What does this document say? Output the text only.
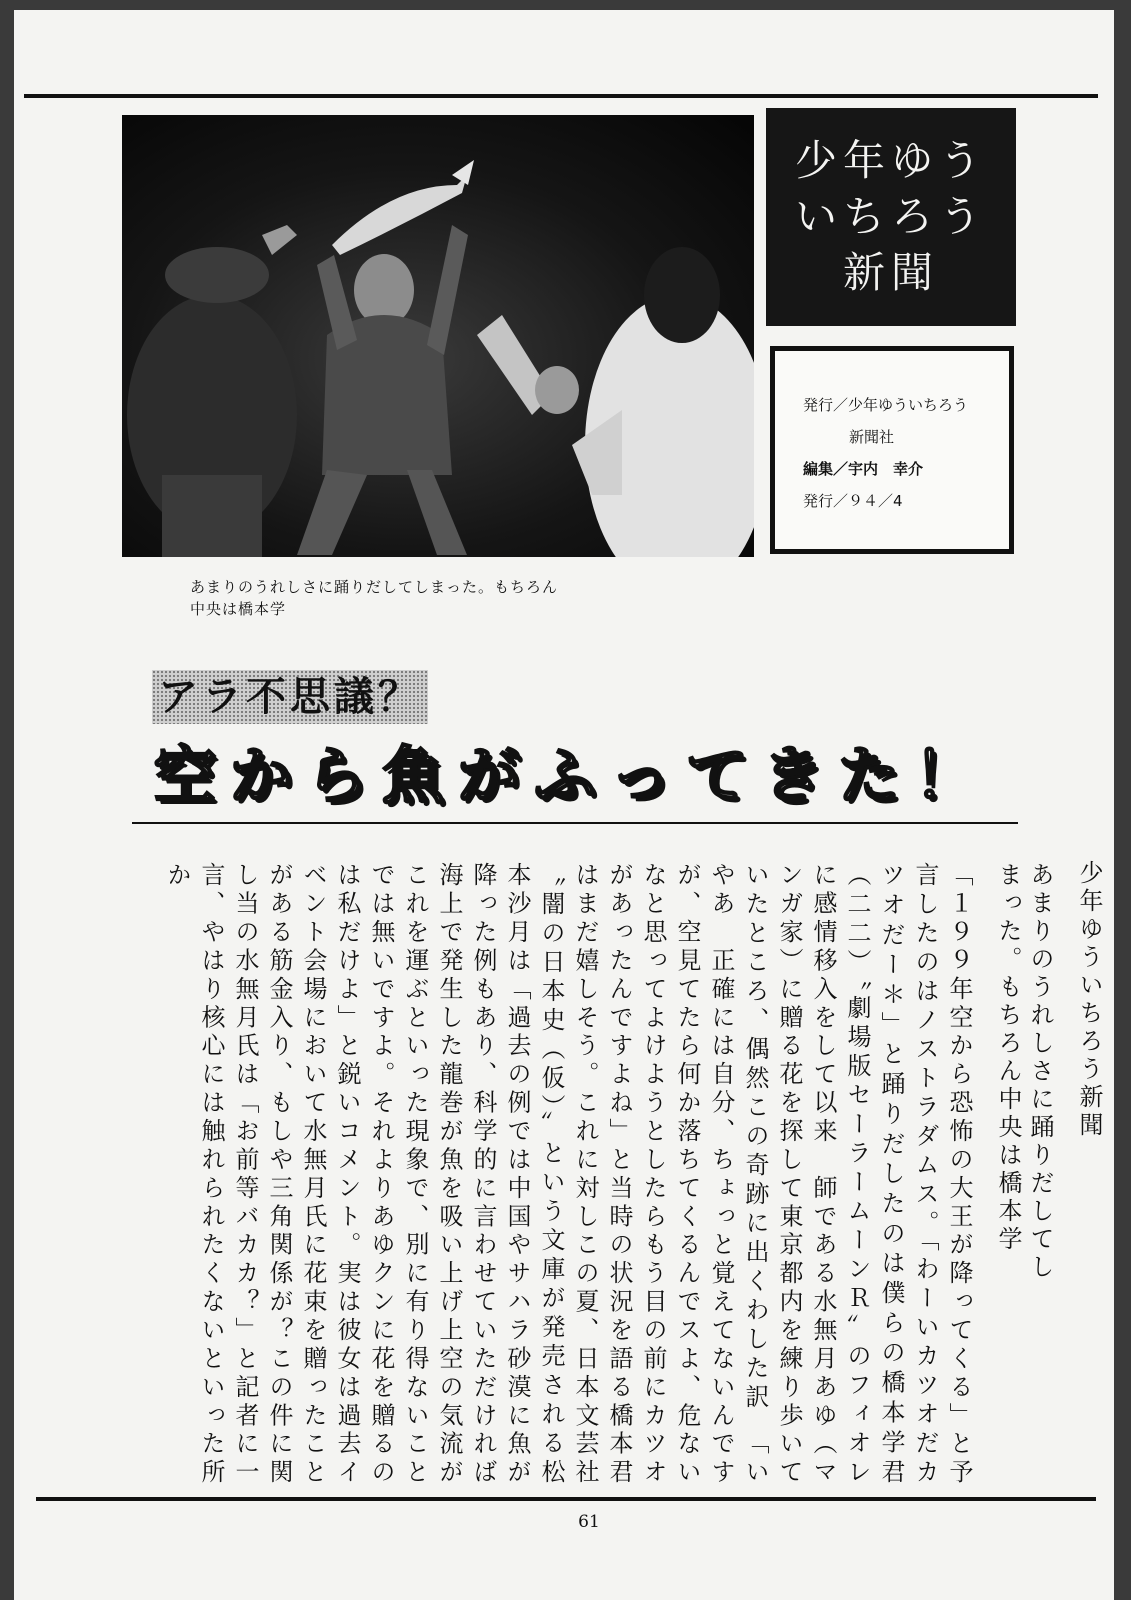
あまりのうれしさに踊りだしてしまった。もちろん
中央は橋本学
少年ゆう
いちろう
新聞
発行／少年ゆういちろう
新聞社
編集／宇内　幸介
発行／９４／4
アラ不思議？
空から魚がふってきた！
少年ゆういちろう新聞
あまりのうれしさに踊りだしてしまった。もちろん中央は橋本学
「１９９年空から恐怖の大王が降ってくる」と予言したのはノストラダムス。「わーいカツオだカツオだー＊」と踊りだしたのは僕らの橋本学君（二二）〝劇場版セーラームーンＲ〟のフィオレに感情移入をして以来　師である水無月あゆ（マンガ家）に贈る花を探して東京都内を練り歩いていたところ、偶然この奇跡に出くわした訳　「いやあ　正確には自分、ちょっと覚えてないんですが、空見てたら何か落ちてくるんでスよ、危ないなと思ってよけようとしたらもう目の前にカツオがあったんですよね」と当時の状況を語る橋本君はまだ嬉しそう。これに対しこの夏、日本文芸社〝闇の日本史（仮）〟という文庫が発売される松本沙月は「過去の例では中国やサハラ砂漠に魚が降った例もあり、科学的に言わせていただければ海上で発生した龍巻が魚を吸い上げ上空の気流がこれを運ぶといった現象で、別に有り得ないことでは無いですよ。それよりあゆクンに花を贈るのは私だけよ」と鋭いコメント。実は彼女は過去イベント会場において水無月氏に花束を贈ったことがある筋金入り、もしや三角関係が？この件に関し当の水無月氏は「お前等バカカ？」と記者に一言、やはり核心には触れられたくないといった所か
61
